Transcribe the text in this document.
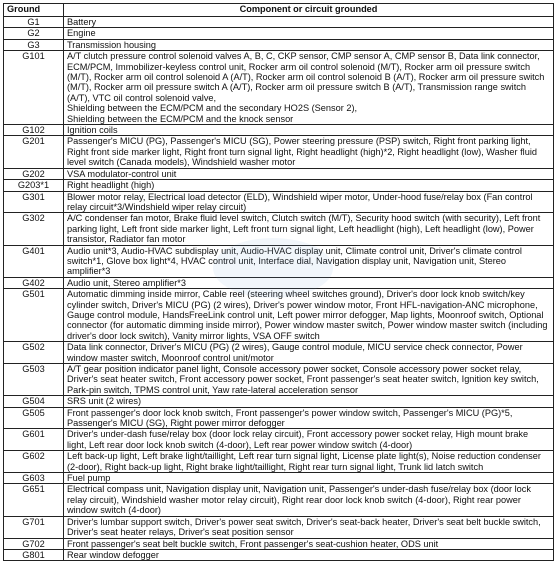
Ground	Component or circuit grounded
G1	Battery
G2	Engine
G3	Transmission housing
G101	A/T clutch pressure control solenoid valves A, B, C, CKP sensor, CMP sensor A, CMP sensor B, Data link connector, ECM/PCM, Immobilizer-keyless control unit, Rocker arm oil control solenoid (M/T), Rocker arm oil pressure switch (M/T), Rocker arm oil control solenoid A (A/T), Rocker arm oil control solenoid B (A/T), Rocker arm oil pressure switch (M/T), Rocker arm oil pressure switch A (A/T), Rocker arm oil pressure switch B (A/T), Transmission range switch (A/T), VTC oil control solenoid valve,
Shielding between the ECM/PCM and the secondary HO2S (Sensor 2),
Shielding between the ECM/PCM and the knock sensor
G102	Ignition coils
G201	Passenger's MICU (PG), Passenger's MICU (SG), Power steering pressure (PSP) switch, Right front parking light, Right front side marker light, Right front turn signal light, Right headlight (high)*2, Right headlight (low), Washer fluid level switch (Canada models), Windshield washer motor
G202	VSA modulator-control unit
G203*1	Right headlight (high)
G301	Blower motor relay, Electrical load detector (ELD), Windshield wiper motor, Under-hood fuse/relay box (Fan control relay circuit*3/Windshield wiper relay circuit)
G302	A/C condenser fan motor, Brake fluid level switch, Clutch switch (M/T), Security hood switch (with security), Left front parking light, Left front side marker light, Left front turn signal light, Left headlight (high), Left headlight (low), Power transistor, Radiator fan motor
G401	Audio unit*3, Audio-HVAC subdisplay unit, Audio-HVAC display unit, Climate control unit, Driver's climate control switch*1, Glove box light*4, HVAC control unit, Interface dial, Navigation display unit, Navigation unit, Stereo amplifier*3
G402	Audio unit, Stereo amplifier*3
G501	Automatic dimming inside mirror, Cable reel (steering wheel switches ground), Driver's door lock knob switch/key cylinder switch, Driver's MICU (PG) (2 wires), Driver's power window motor, Front HFL-navigation-ANC microphone, Gauge control module, HandsFreeLink control unit, Left power mirror defogger, Map lights, Moonroof switch, Optional connector (for automatic dimming inside mirror), Power window master switch, Power window master switch (including driver's door lock switch), Vanity mirror lights, VSA OFF switch
G502	Data link connector, Driver's MICU (PG) (2 wires), Gauge control module, MICU service check connector, Power window master switch, Moonroof control unit/motor
G503	A/T gear position indicator panel light, Console accessory power socket, Console accessory power socket relay, Driver's seat heater switch, Front accessory power socket, Front passenger's seat heater switch, Ignition key switch, Park-pin switch, TPMS control unit, Yaw rate-lateral acceleration sensor
G504	SRS unit (2 wires)
G505	Front passenger's door lock knob switch, Front passenger's power window switch, Passenger's MICU (PG)*5, Passenger's MICU (SG), Right power mirror defogger
G601	Driver's under-dash fuse/relay box (door lock relay circuit), Front accessory power socket relay, High mount brake light, Left rear door lock knob switch (4-door), Left rear power window switch (4-door)
G602	Left back-up light, Left brake light/taillight, Left rear turn signal light, License plate light(s), Noise reduction condenser (2-door), Right back-up light, Right brake light/taillight, Right rear turn signal light, Trunk lid latch switch
G603	Fuel pump
G651	Electrical compass unit, Navigation display unit, Navigation unit, Passenger's under-dash fuse/relay box (door lock relay circuit), Windshield washer motor relay circuit), Right rear door lock knob switch (4-door), Right rear power window switch (4-door)
G701	Driver's lumbar support switch, Driver's power seat switch, Driver's seat-back heater, Driver's seat belt buckle switch, Driver's seat heater relays, Driver's seat position sensor
G702	Front passenger's seat belt buckle switch, Front passenger's seat-cushion heater, ODS unit
G801	Rear window defogger
